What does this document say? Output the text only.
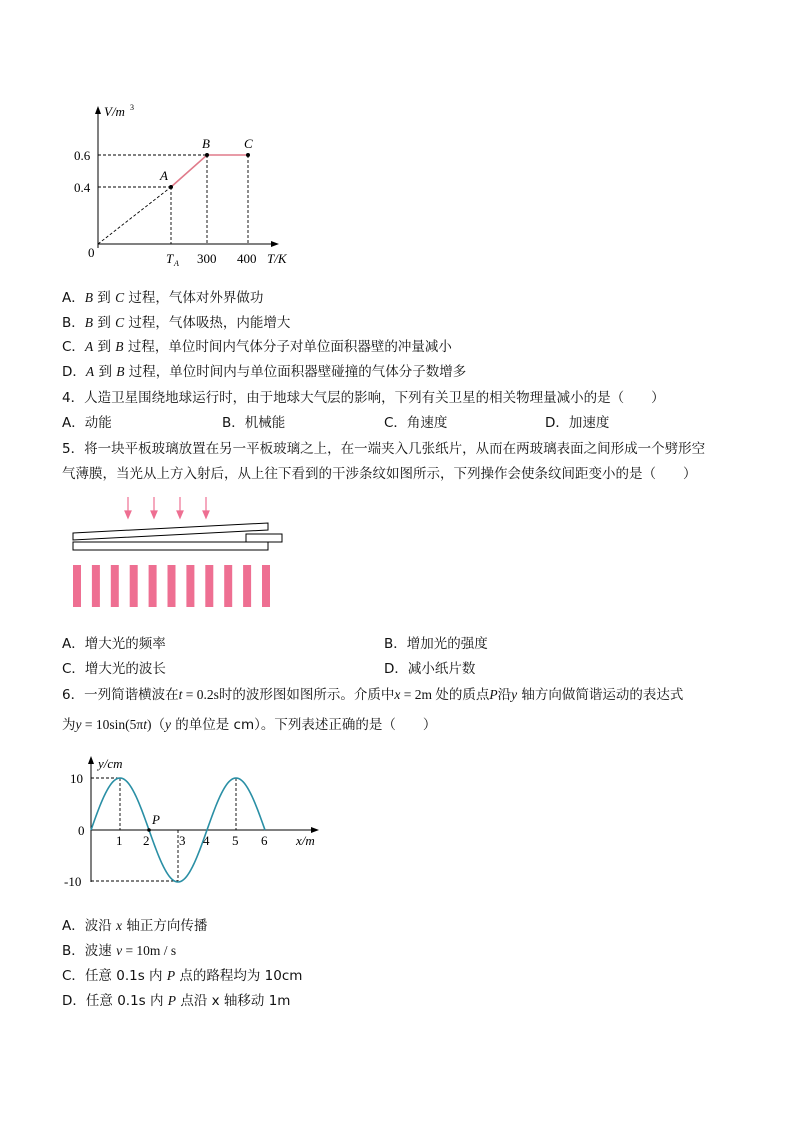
V/m 3
0.6
0.4
0	T A 300 400 T/K
A
B	C
A．B 到 C 过程，气体对外界做功
B．B 到 C 过程，气体吸热，内能增大
C．A 到 B 过程，单位时间内气体分子对单位面积器壁的冲量减小
D．A 到 B 过程，单位时间内与单位面积器壁碰撞的气体分子数增多
4．人造卫星围绕地球运行时，由于地球大气层的影响，下列有关卫星的相关物理量减小的是（　　）
A．动能	B．机械能	C．角速度	D．加速度
5．将一块平板玻璃放置在另一平板玻璃之上，在一端夹入几张纸片，从而在两玻璃表面之间形成一个劈形空
气薄膜，当光从上方入射后，从上往下看到的干涉条纹如图所示，下列操作会使条纹间距变小的是（　　）
A．增大光的频率	B．增加光的强度
C．增大光的波长	D．减小纸片数
6．一列简谐横波在t = 0.2s时的波形图如图所示。介质中x = 2m 处的质点P沿y 轴方向做简谐运动的表达式
为y = 10sin(5πt)（y 的单位是 cm）。下列表述正确的是（　　）
y/cm
10
0
-10
1 2 3 4 5 6 x/m
P
A．波沿 x 轴正方向传播
B．波速 v = 10m / s
C．任意 0.1s 内 P 点的路程均为 10cm
D．任意 0.1s 内 P 点沿 x 轴移动 1m
